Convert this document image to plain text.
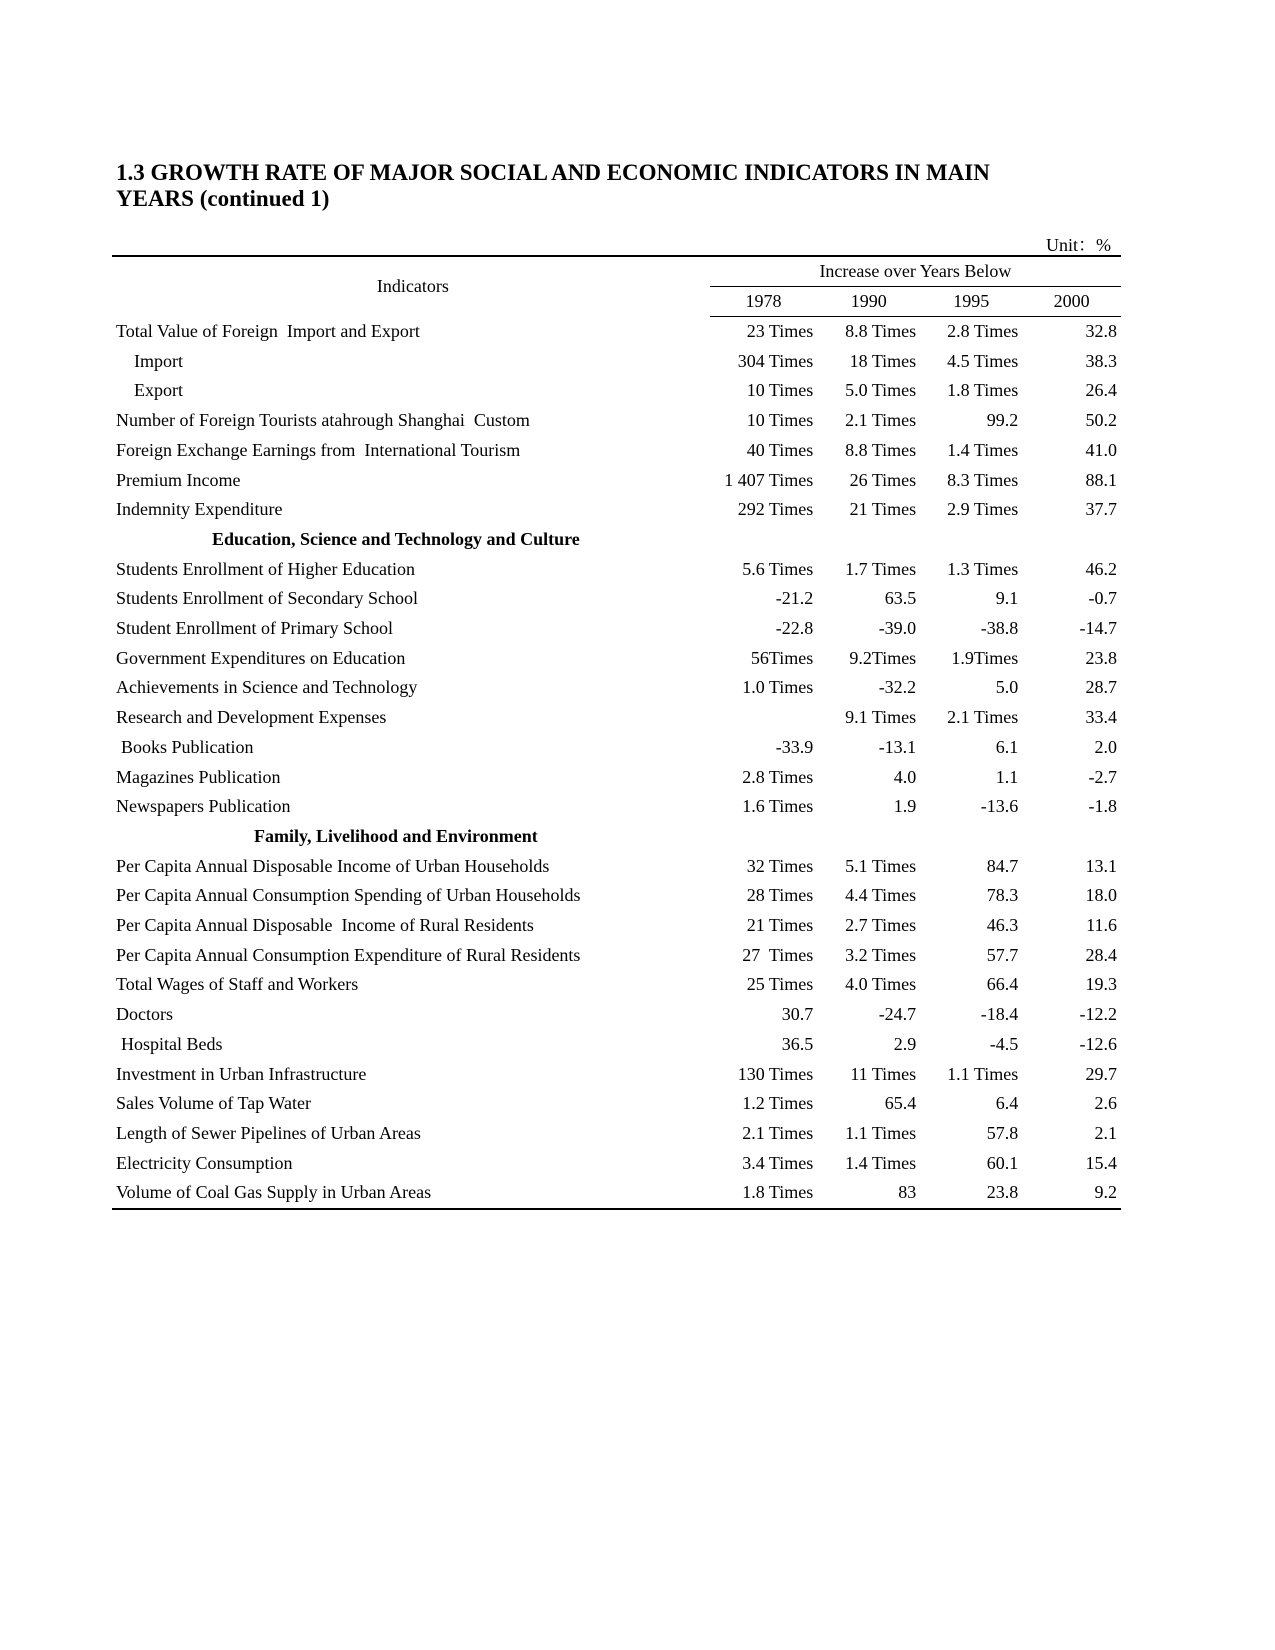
1.3 GROWTH RATE OF MAJOR SOCIAL AND ECONOMIC INDICATORS IN MAIN YEARS (continued 1)
Unit：%
Indicators	Increase over Years Below			
	1978	1990	1995	2000
Total Value of Foreign  Import and Export	23 Times	8.8 Times	2.8 Times	32.8
Import	304 Times	18 Times	4.5 Times	38.3
Export	10 Times	5.0 Times	1.8 Times	26.4
Number of Foreign Tourists atahrough Shanghai  Custom	10 Times	2.1 Times	99.2	50.2
Foreign Exchange Earnings from  International Tourism	40 Times	8.8 Times	1.4 Times	41.0
Premium Income	1 407 Times	26 Times	8.3 Times	88.1
Indemnity Expenditure	292 Times	21 Times	2.9 Times	37.7
Education, Science and Technology and Culture				
Students Enrollment of Higher Education	5.6 Times	1.7 Times	1.3 Times	46.2
Students Enrollment of Secondary School	-21.2	63.5	9.1	-0.7
Student Enrollment of Primary School	-22.8	-39.0	-38.8	-14.7
Government Expenditures on Education	56Times	9.2Times	1.9Times	23.8
Achievements in Science and Technology	1.0 Times	-32.2	5.0	28.7
Research and Development Expenses		9.1 Times	2.1 Times	33.4
Books Publication	-33.9	-13.1	6.1	2.0
Magazines Publication	2.8 Times	4.0	1.1	-2.7
Newspapers Publication	1.6 Times	1.9	-13.6	-1.8
Family, Livelihood and Environment				
Per Capita Annual Disposable Income of Urban Households	32 Times	5.1 Times	84.7	13.1
Per Capita Annual Consumption Spending of Urban Households	28 Times	4.4 Times	78.3	18.0
Per Capita Annual Disposable  Income of Rural Residents	21 Times	2.7 Times	46.3	11.6
Per Capita Annual Consumption Expenditure of Rural Residents	27  Times	3.2 Times	57.7	28.4
Total Wages of Staff and Workers	25 Times	4.0 Times	66.4	19.3
Doctors	30.7	-24.7	-18.4	-12.2
Hospital Beds	36.5	2.9	-4.5	-12.6
Investment in Urban Infrastructure	130 Times	11 Times	1.1 Times	29.7
Sales Volume of Tap Water	1.2 Times	65.4	6.4	2.6
Length of Sewer Pipelines of Urban Areas	2.1 Times	1.1 Times	57.8	2.1
Electricity Consumption	3.4 Times	1.4 Times	60.1	15.4
Volume of Coal Gas Supply in Urban Areas	1.8 Times	83	23.8	9.2
